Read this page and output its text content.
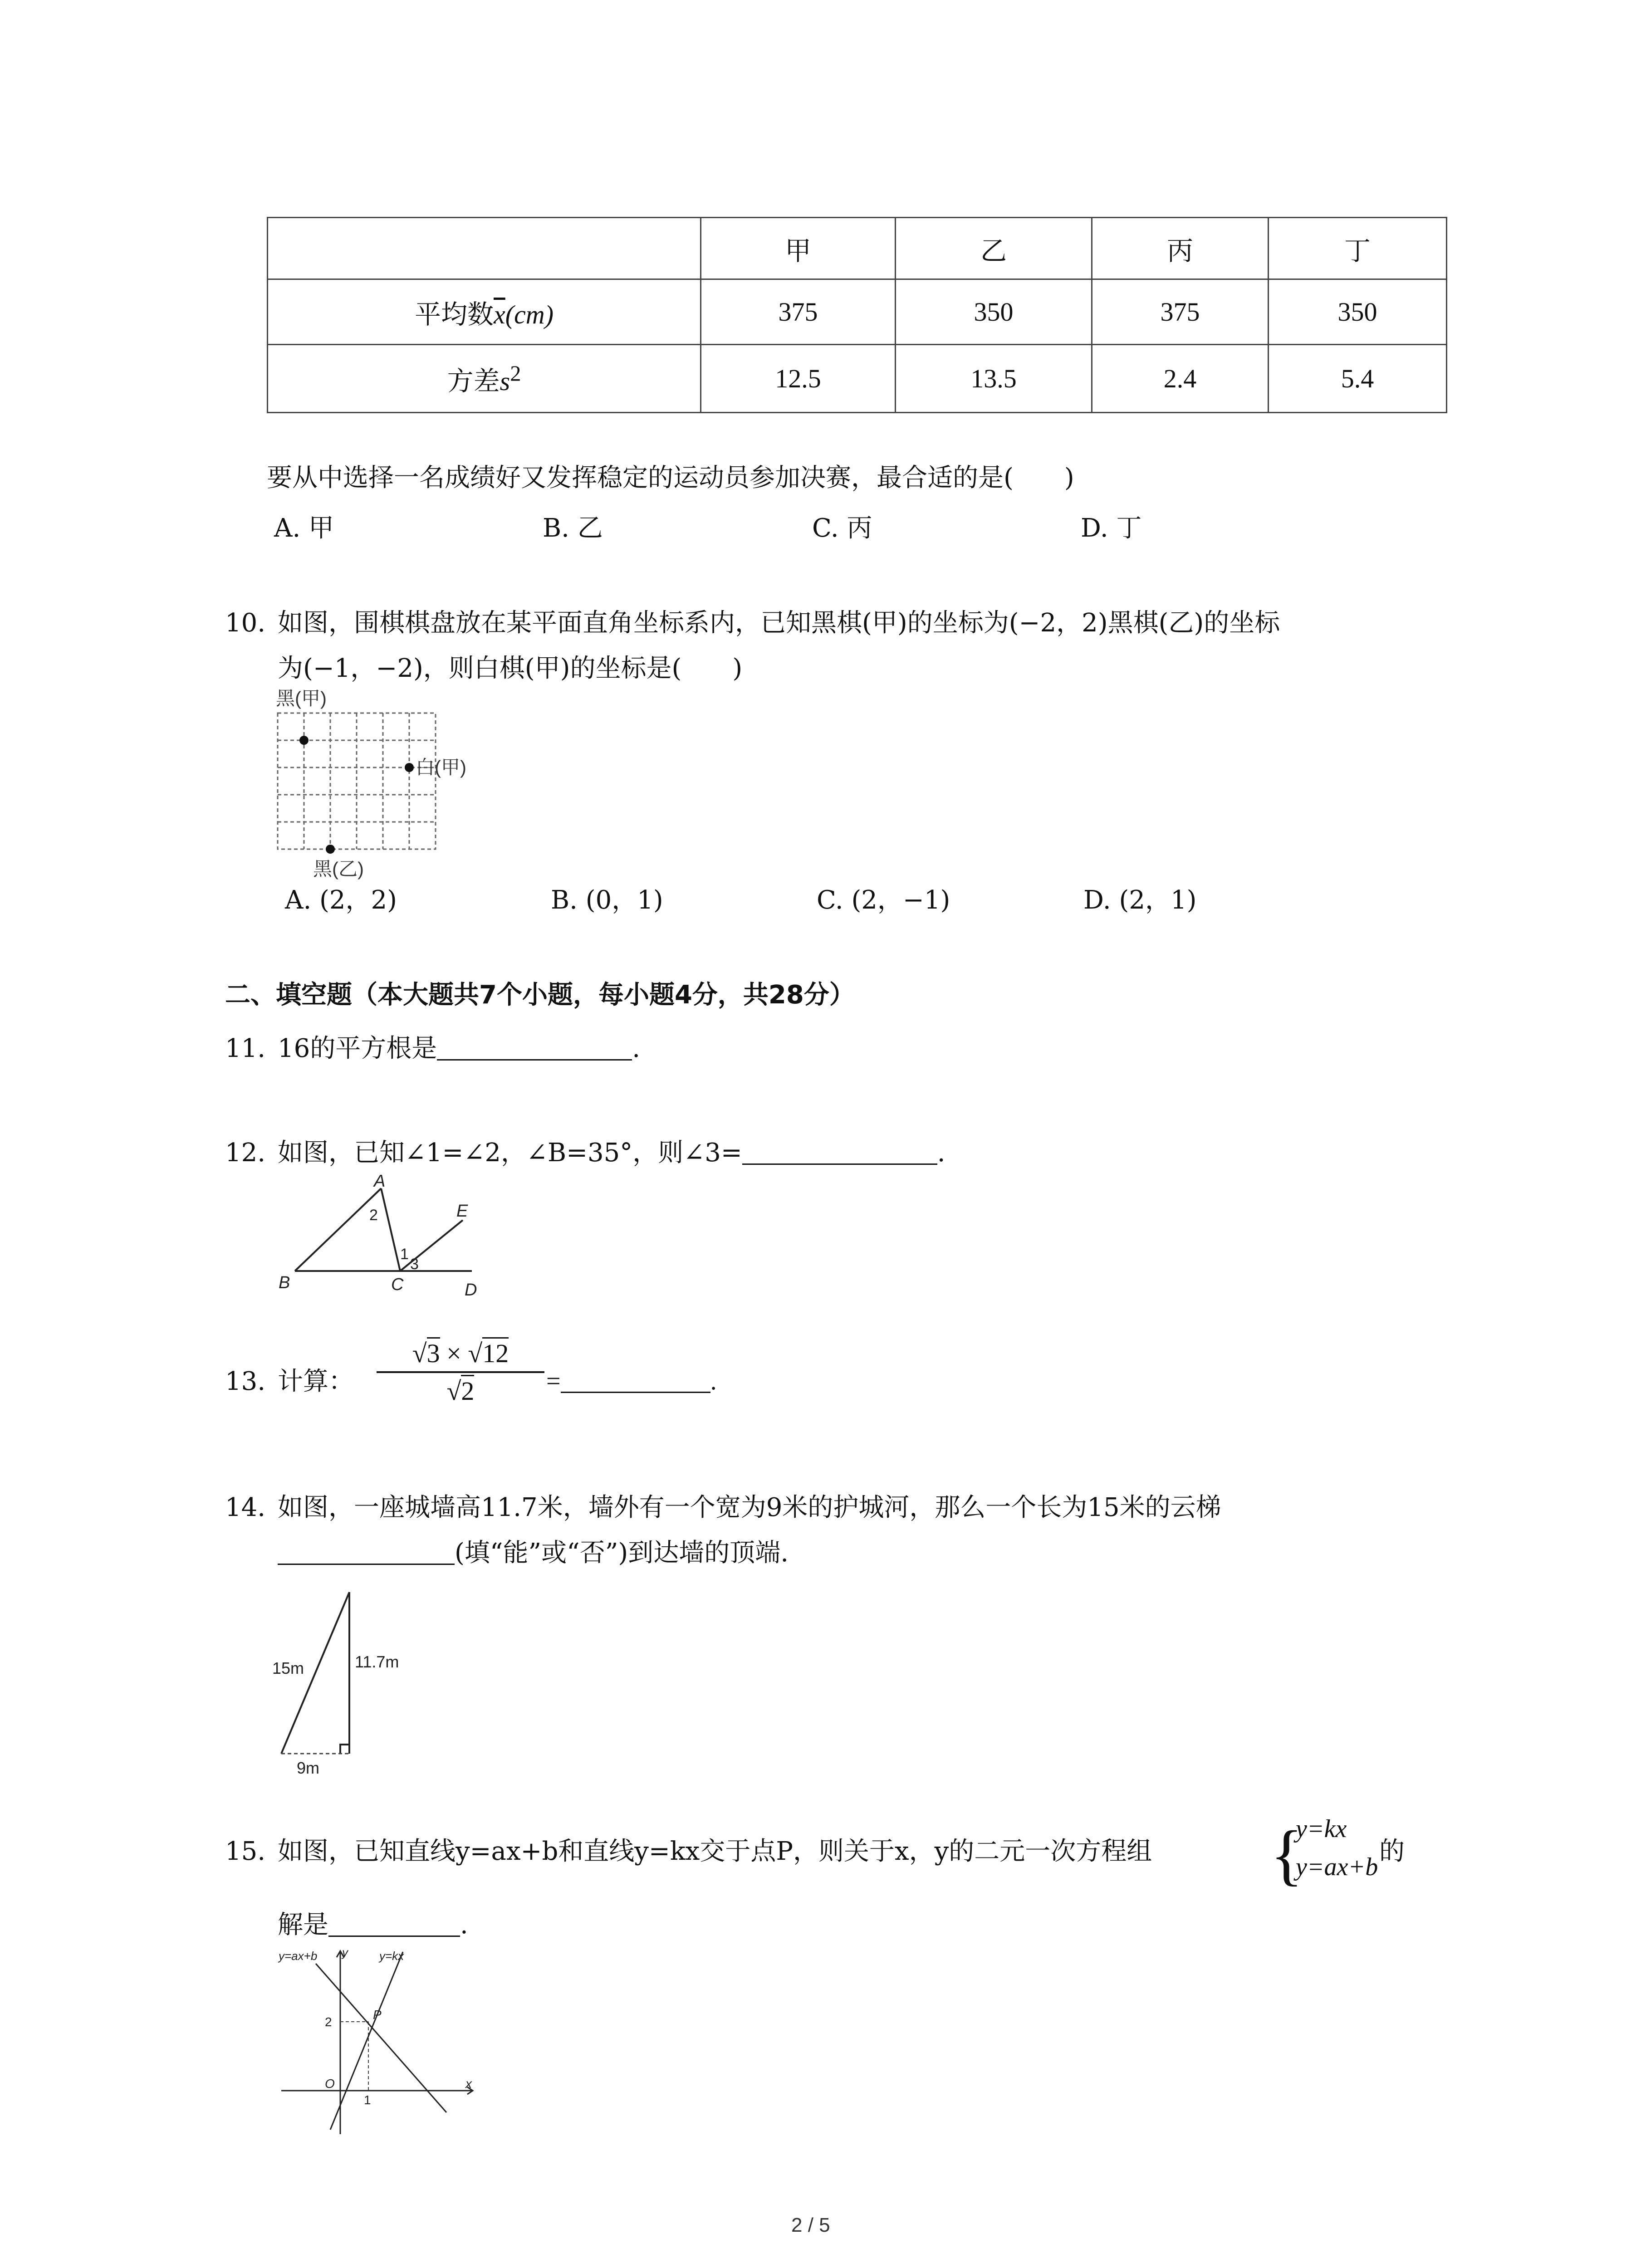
	甲	乙	丙	丁
平均数$\overline{x}(cm)$	375	350	375	350
方差$s^2$	12.5	13.5	2.4	5.4
要从中选择一名成绩好又发挥稳定的运动员参加决赛，最合适的是(　　)
A. 甲	B. 乙	C. 丙	D. 丁
10. 如图，围棋棋盘放在某平面直角坐标系内，已知黑棋(甲)的坐标为(−2，2)黑棋(乙)的坐标
为(−1，−2)，则白棋(甲)的坐标是(　　)
黑(甲)
白(甲)
黑(乙)
A. (2，2)	B. (0，1)	C. (2，−1)	D. (2，1)
二、填空题（本大题共7个小题，每小题4分，共28分）
11. 16的平方根是	.
12. 如图，已知∠1=∠2，∠B=35°，则∠3=	.
A
2
1
3
E
B	C	D
13. 计算： $\frac{√3 \times √12}{√2}$ =	.
14. 如图，一座城墙高11.7米，墙外有一个宽为9米的护城河，那么一个长为15米的云梯
(填“能”或“否”)到达墙的顶端.
15m	11.7m
9m
15. 如图，已知直线y=ax+b和直线y=kx交于点P，则关于x，y的二元一次方程组 {
y=kx
y=ax+b
的
解是	.
y=ax+b y	y=kx
2
P
O
1
x
2 / 5
